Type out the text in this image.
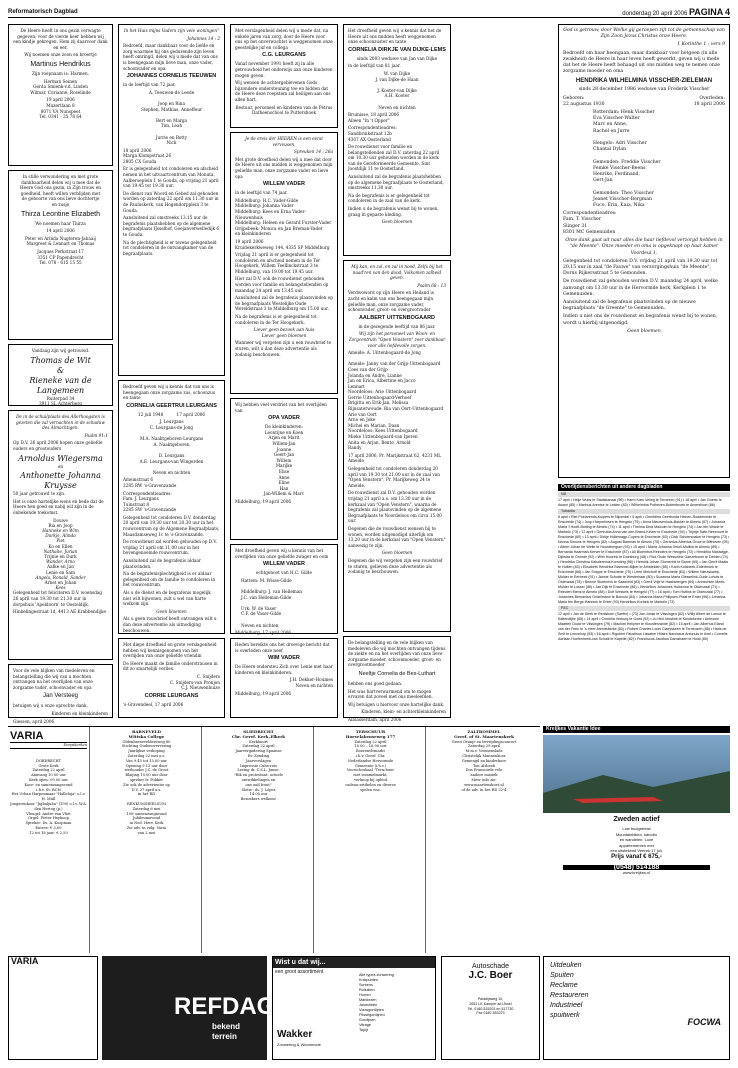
Reformatorisch Dagblad	donderdag 20 april 2006 PAGINA 4

De Heere heeft in ons gezin verwagte gegeven; voor de vierde keer hebben wij een kindje gekregen. Hem zij daarvoor dank en eer.

Wij noemen onze zoon en broertje

Martinus Hendrikus

Zijn roepnaam is: Harmen.

Herman Seinen
Gerda Smienk-v.d. Linden
Wilmar, Corianne, Roselinde

19 april 2006
Muzertlaan 8
8071 VA Nunspeet
Tel. 0341 - 25 78 64

In stille verwondering en met grote dankbaarheid delen wij u mee dat de Heere God ons gezin, in Zijn trouw en goedheid, heeft willen verblijden met de geboorte van ons lieve dochtertje en zusje

Thirza Leontine Elizabeth

We noemen haar Thirza

14 april 2006

Peter en Arinda Nugteren-Jabaaij
Margreet & Lennart en Thomas

Jacques Perkstraat 17
3351 CP Papendrecht
Tel. 078 - 615 15 55

Vandaag zijn wij getrouwd.

Thomas de Wit
&
Rieneke van de Langemeen

Ruiterpad 34
3911 SL Achterberg

De in de schuilplaats des Allerhoogsten is gezeten die zal vernachten in de schaduw des Almachtigen.

Psalm 91:1

Op D.V. 26 april 2006 hopen onze geliefde ouders en grootouders

Arnoldus Wiegersma

en

Anthonette Johanna Kruysse

50 jaar getrouwd te zijn.

Het is onze hartelijke wens en bede dat de Heere hen goed en nabij wil zijn in de onbekende toekomst.

Douwe
Ria en Joop
Hanneke en Wim
Durkje, Alinda
Piet
Ko en Ellen
Nathalie, Jurian
Trijnie en Durk
Wander, Arno
Aafke en Jan
Lenie en Sam
Angela, Ronald, Sander
Arnet en Johan
Kees

Gelegenheid tot feliciteren D.V. woensdag 26 april van 19.30 tot 21.30 uur in dorpshuis 'Apeldoorn' te Oosteldijk.

Hinkelingestraat 1d, 4413 AE Krabbendijke

Voor de vele blijken van medeleven en belangstelling die wij van u mochten ontvangen na het overlijden van onze zorgzame vader, schoonvader en opa

Jan Versteeg

betuigen wij u onze oprechte dank.

Kinderen en kleinkinderen

Giessen, april 2006

In het Huis mijns Vaders zijn vele woningen"

Johannes 14 : 2

Bedroefd, maar dankbaar voor de liefde en zorg waarmee hij ons gedurende zijn leven heeft omringd, delen wij u mede dat van ons is heengegaan mijn lieve man, onze vader, schoonvader en opa

JOHANNES CORNELIS TEEUWEN

in de leeftijd van 72 jaar.

A. Teeuwen-de Leede

Joop en Rina
Stephen, Mathias, Anneffeur

Bert en Marga
Tim, Leah

Jurrie en Betty
Nick

18 april 2006
Marga Klompstraat 26
2805 CX Gouda

Er is gelegenheid tot condoleren en afscheid nemen in het uitvaartcentrum van Monuta, Aalberseplein 1 te Gouda, op vrijdag 21 april van 19.45 tot 19.30 uur.

De dienst van Woord en Gebed zal gehouden worden op zaterdag 22 april om 11.30 uur in de Pauluskerk, van Hogendorpplein 3 te Gouda.

Aansluitend zal omstreeks 13.15 uur de begrafenis plaatshebben op de algemene begraafplaats IJsselhof, Goejanverwelledijk 6 te Gouda.

Na de plechtigheid is er tevens gelegenheid tot condoleren in de ontvangkamer van de begraafplaats.

Bedroefd geven wij u kennis dat van ons is heengegaan onze zorgzame zus, schoonzus en tante

CORNELIA GEERTRUI LEURGANS

12 juli 1948          17 april 2006

J. Leurgans
C. Leurgans-de Jong

M.A. Naaktgeboren-Leurgans
A. Naaktgeboren

D. Leurgans
A.E. Leurgans-van Wingerden

Neven en nichten

Ameinstraat 6
2285 RW 's-Gravenzande

Correspondentieadres:
Fam. J. Leurgans
Tuinstraat 8
2285 SW 's-Gravenzande

Gelegenheid tot condoleren D.V. donderdag 20 april van 19.30 uur tot 20.30 uur in het rouwcentrum op de Algemene Begraafplaats, Maasdamseweg 1c te 's-Gravenzande.

De rouwdienst zal worden gehouden op D.V. vrijdag 21 april om 11.00 uur in het bovengenoemde rouwcentrum.

Aansluitend zal de begrafenis aldaar plaatsvinden.

Na de begrafenisplechtigheid is er aldaar gelegenheid om de familie te condoleren in het rouwcentrum.

Als u de dienst en de begrafenis mogelijk niet wilt bijwonen, zult u wel van harte welkom zijn.

Geen bloemen

Als u geen rouwbrief heeft ontvangen wilt u dan deze advertentie als uitnodiging beschouwen.

Met diepe droefheid en grote verslagenheid hebben wij kennisgenomen van het overlijden van onze geliefde vriendin

De Heere maakt de familie onderstrausen in dit zo smartelijk verlies.

C. Snijders
C. Snijders-van Pronjon
C.J. Nieuwenhuize

CORRIE LEURGANS

's-Gravendeel, 17 april 2006

Met verslagenheid delen wij u mede dat, na enkele jaren van zorg, door de Heere voor ons op het onverwachtst is weggenomen onze geestelijke juf en collega

C.G. LEURGANS

Vanaf november 1991 heeft zij in alle getrouwheid het onderwijs aan onze kinderen mogen geven.

Wij wensen de achtergeblevenen Gods bijzondere ondersteuning toe en bidden dat de Heere deze roepstem zal heiligen aan ons allen hart.

Bestuur, personeel en kinderen van de Petrus Datheenschool te Puttershoek

Je de ereis der HEEREN is een eerst vervvusen,

Spreuken 14 : 26a

Met grote droefheid delen wij u mee dat door de Heere uit ons midden is weggenomen mijn geliefde man, onze zorgzame vader en lieve opa

WILLEM VADER

in de leeftijd van 74 jaar.

Middelburg: H.C. Vader-Gilde
Middelburg: Johanna Vader
Middelburg: Kees en Erna Vader-Nieuwenhuis
Middelburg: Heleen en Gerard Furster-Vader
Orijpsbeek: Monica en Jan Breman-Vader
en kleinkinderen

19 april 2006
Kruidekerkweweg 144, 4335 SP Middelburg

Vrijdag 21 april is er gelegenheid tot condoleren en afscheid nemen in de Ter Hoogekerk, Willem Teellinckstraat 3 te Middelburg, van 19.00 tot 19.45 uur.

Hier zal D.V. ook de rouwdienst gehouden worden voor familie en belangstellenden op maandag 24 april om 13.45 uur.

Aansluitend zal de begrafenis plaatsvinden op de begraafplaats Westelijke Oude Wereldstraat 3 te Middelburg om 15.00 uur.

Na de begrafenis is er gelegenheid tot condoleren in de Ter Hoogekerk.

Liever geen bezoek aan huis
Liever geen bloemen

Wanneer wij vergeten zijn u een rouwbrief te sturen, wilt u dan deze advertentie als zodanig beschouwen.

Wij hebben veel verdriet van het overlijden van

OPA VADER

De kleinkinderen:
Leontijne en Koen
Arjen en Marit
Willem-Jan
Joanne
Geert-Jan
Willem
Marijke
Elise
Anne
Eline
Han
Jan-Willem & Marc

Middelburg, 19 april 2006

Met droefheid geven wij u kennis van het overlijden van onze geliefde zwager en oom

WILLEM VADER

echtgenoot van H.C. Gilde

Hattem: M. Wisse-Gilde

Middelburg: J. van Helleman
J.C. van Helleman-Gilde

Urk: W. de Vaser
C.F. de Vaser-Gilde

Neven en nichten

Middelburg, 17 april 2006

Heden bereikte ons het droevige bericht dat is overleden onze neef

WIM VADER

De Heere ondersteu Zich over Lenie met haar kinderen en kleinkinderen.

J.H. Dekker-Houmes
Neven en nichten

Middelburg, 19 april 2006

Het droefheid geven wij u kennis dat het de Heere uit ons midden heeft weggenomen onze schoonzuster en tante

CORNELIA DIRKJE VAN DIJKE-LEMS

sinds 2003 weduwe van Jan van Dijke

in de leeftijd van 81 jaar.

W. van Dijke
J. van Dijke-de Haan

J. Kooter-van Dijke
A.H. Kooter

Neven en nichten

Bruinisse, 18 april 2006
Alleen "In 't Opper"

Correspondentieadres:
Sandbrinkstraat 12b
4307 AX Oosterland

De rouwdienst voor familie en belangstellenden zal D.V. zaterdag 22 april om 10.30 uur gehouden worden in de kerk van de Gereformeerde Gemeente, Sint Joostdijk 11 te Oosterland.

Aansluitend zal de begrafenis plaatshebben op de algemene begraafplaats te Oosterland, omstreeks 11.30 uur.

Na de begrafenis is er gelegenheid tot condoleren in de zaal van de kerk.

Indien u de begrafenis wenst bij te wonen, graag in gepaste kleding.

Geen bloemen

Mij kan, en zal, en zal in nood, Zelfs bij het naad'ren van den dood, Volkomen zalheid geven.

Psalm 68 : 13

Verdwoword op zijn Heere en Heiland is zacht en kalm van ons heengegaan mijn geliefde man, onze zorgzame vader, schoonvader, groot- en overgrootvader

AALBERT UITTENBOGAARD

in de gezegende leeftijd van 86 jaar.

Wij zijn het personeel van Woon- en Zorgcentrum "Open Venstern" zeer dankbaar voor alle liefdevolle zorgen.

Ameide: A. Uittenbogaard-de Jong

Ameide: Janny van der Grijp-Uittenbogaard
Cees van der Grijp
Jolanda en Andre, Lianne
Jan en Erica, Albertine en Jacco
Lennart
Noordeloos: Arie Uittenbogaard
Gerrie Uittenbogaard-Verhoef
Brigitta en Erik-Jan, Melissa
Rijnsaterwoude: Ria van Oort-Uittenbogaard
Arie van Oort
Arno en Joke
Michel en Marian, Daan
Noordeloos: Kees Uittenbogaard
Mieke Uittenbogaard-van Iperen
Anita en Arjan, Bente, Arnold
Randy

17 april 2006, Pr. Marijkstraat 62, 4231 ML Ameide

Gelegenheid tot condoleren donderdag 20 april van 19.30 tot 21.00 uur in de zaal van "Open Venstern", Pr. Marijkeweg 24 te Ameide.

De rouwdienst zal D.V. gehouden worden vrijdag 21 april a.s. om 13.30 uur in de kerkzaal van "Open Venstern", waarna de begrafenis zal plaatsvinden op de algemene Begraafplaats te Noordeloos om circa 15.00 uur.

Degenen die de rouwdienst wensen bij te wonen, worden uitgenodigd uiterlijk om 13.20 uur in de kerkzaal van "Open Venstern" aanwezig te zijn.

Geen bloemen

Degenen die wij vergeten zijn een rouwbrief te sturen, gelieven deze advertentie als zodanig te beschouwen.

De belangstelling en de vele blijken van medeleven die wij mochten ontvangen tijdens de ziekte en na het overlijden van onze lieve zorgzame moeder, schoonmoeder, groot- en overgrootmoeder

Neeltje Cornelia de Bes-Luthart

hebben ons goed gedaan.

Het was hartverwarmend om te mogen ervaren dat zoveel met ons meeleefden.

Wij betuigen u hiervoor onze hartelijke dank.

Kinderen, klein- en achterkleinkinderen

Alblasserdam, april 2006

God is getrouw, door Welke gij geroepen zijt tot de gemeenschap van Zijn Zoon Jezus Christus onze Heere.

1 Korinthe 1 : vers 9

Bedroefd om haar heengaan, maar dankbaar voor hetgeen (in alle zwakheid) de Heere in haar leven heeft gewerkt, geven wij u mede dat het de Heere heeft behaagd uit ons midden weg te nemen onze zorgzame moeder en oma

HENDRIKA WILHELMINA VISSCHER-ZIELEMAN

sinds 28 december 1986 weduwe van Frederik Visscher

Geboren:
22 augustus 1930
Overleden:
18 april 2006

Rotterdam: Henk Visscher
Eva Visscher-Walter
Marc en Anne,
Rachel en Jurre

Hengelo: Adri Visscher
Chantal Dylan

Gemonden: Freddie Visscher
Femke Visscher-Beens
Henrike, Ferdinand,
Gert-Jan

Gemonden: Theo Visscher
Jeanet Visscher-Bergman
Fuco, Erin, Kaia, Nika

Correspondentieadres:
Fam. T. Visscher
Slinger 31
8301 MC Gemenuiden

Onze dank gaat uit naar alles die haar liefdevol verzorgd hebben in "de Meente". Onze moeder en oma is opgeknapt op haar kamer Voordeul 1.

Gelegenheid tot condoleren D.V. vrijdag 21 april van 19.30 uur tot 20.15 uur in zaal "de Fauwe" van verzorgingshuis "de Meente", Dorus Rijkersstraat 5 te Gemonden.

De rouwdienst zal gehouden worden D.V. maandag 24 april, welke aanvangt om 13.30 uur in de Hervormde kerk, Kerkplein 1 te Gemenuiden.

Aansluitend zal de begrafenis plaatsvinden op de nieuwe begraafplaats "de Greente" te Gemenuiden.

Indien u niet ons de rouwdienst en begrafenis wenst bij te wonen, wordt u hierbij uitgenodigd.

Geen bloemen

Overlijdensberichten uit andere dagbladen
ND
17 april • Helje Wubs te Stadskanaal (96) • Harm Kars Velleg te Ternezen (91) • 18 april • Jan Goerts te Assen (85) • Marinus Arentse te Leiden (83) • Wilhelmina Potheven-Bokenbroek te Amersfoort (86)
Tubantia
6 april • Riet Poelarends-Kuipers te Nijverdal • 9 april • Gerritdina Geertruida Heinen-Roddenman te Enschede (74) • Joop Harperlinsen te Hengelo (75) • Anna Nieuwenhuis-Bakker te Almelo (87) • Johanna Maria 't Hooft-Botting te Almelo (74) • 11 april • Thelma Dina Malcolm te Hengelo (74) • Jan ten Wolde te Markelo (73) • 12 april • Gertruida Anna van den Brand-Kelzer te Enschede (94) • Trijntje Safe-Neervoort te Enschede (80) • 13 april • Dirkje Hollemagp-Cuyers te Enschede (93) • Dick Schoenmaker te Hengelo (73) • Nonna Simons te Hengelo (82) • August Bartman te Almelo (75) • Gerardus Albertus Groot te Blithoven (95) • Albert Johan ter Welle te Noordbergum (93) • 15 april • Maria Johanna Smoll-Mullink te Almelo (89) • Bernarda Haarman-Kerver te Enschede (87) • Ali Bloembot-Reinders te Hengelo (72) • Hendrika Mastwijge-Dijkstra te Gronde (92) • Wim Hoorink te Doesburg (48) • Rick Oude Wesselink Ganzeboom te Delden (74) • Hendrika Christina Kalsderema-Kornding (96) • Hendrik Johan Slomerink te Borne (69) • Jan Gerrit Maats te Holten (83) • Elisabeth Hendrika Stammel-Bijker te Ambtelden (85) • Karin Kolsbeek-Elderbroek te Enschede (66) • Jan Snippe te Enschede (75) • Leen Melchoff te Enschede (63) • Willem Nieuwkamp-Mulder te Eerbeek (91) • Jannie Schutte te Westerhaar (80) • Suzanna Maria Giesselink-Oude Lohuis te Oldenzaal (78) • Bennie Stoelerink te Saasveld (83) • Gerrit Vrije te Haaksbergen (64) • Annechien Meek-Mulder te Losser (86) • Jan Dijk te Enschede (86) • Hendrikus Johannes Hulsenna te Oldenzaal (71) • Reindert Mens te Almelo (88) • Dolf Wessels te Hengelo (77) • 16 april • Tom Huttink te Oldenzaal (77) • Johannes Bernardus Ondelmann te Borculo (84) • Johanna Maria Philipsen-Plaat te Enter (96) • Johanna Maria ten Berge-Hannink te Enter (93) Hendrikus Korbink te Markelo (73)
PZC
12 april • Jan de Kierk te Renisborn (Sanfer) • (73) Jan Jobse te Vlissingen (62) • Willy Albert de Loeuw te Kattendijke (65) • 14 april • Cornelia Verburg te Goes (92) • Jo Heli-Verstink te Koudekerke • Anthonie Maarten Douw te Vlissingen (79) • Machiel Hellyner te Kloosterzande (82) • 15 april • Jan Albertus Eland van der Feen te 's-Heer Arendskerke (83) • Robert Charles Louis Claeysseen te Terneuzen (86) • Haris de Smit te Leuvelorp (93) • 16 april • Rigobert Faustinus Lissaber Hilaire Narcissus Antonuis te Axel • Cornelis Adriaan Hoefenheek-van Schalk te Kapelle (82) • Franciscus Jacobus Damshaert te Hulst (80)
VARIA
Dorpskerken
DORDRECHT
Grote Kerk
Zaterdag 22 april
Aanvang 10.00 uur
Kerk open: 09.00 uur
Koor- en samenzangavond
i.h.v. St. BCH
Het Urban Harpenmaar "Halleluja" o.l.v. H. Mull
Jongerenkoor "Jigbaljuba" (190) o.l.v. W.A. den Hertog (p.)
Vleugel: Andre van Vliet
Orgel: Pieter Heykoop
Spreker: Ds. A. Koopman
Entree: € 5,00
12 tot 18 jaar: € 2,50
BARNEVELD
Wittska College
Oldenbarneveldersweg 80
Stichting Oudenoververing
Jaarlijkse verkoping
Zaterdag 22 mei a.s.
Van 9.45 tot 15.00 uur
Opening 9.15 uur door
wethouder J.C. de Groot
Blaijing 15.00 uur door
spreker Ir. Fokker
Zie ook de advertentie op
D.V. 27 april a.s.
in het RD

RENKUM/HEELSUM
Zaterdag 6 mei
100' samenzangavond
Jubileumavond
in Ned. Herv. Kerk
Zie adv. in volg. Varia
van 2 mei
SLIEDRECHT
Chr. Geref. Kerk–Elkerk
Kerkhuurt
Zaterdag 22 april
Jaarvergadering Spaanse
Ev. Zending
Jaarverslagen
Impressie Cuba-reis
Lezing dr. C.S.L. Janse:
"Rik en protestant: actuele
ontwikkelingen en
ons oud front"
Slotw.: ds. J. López
14.00 uur
Bezoekers welkom!
TERSCHUUR
Hoevelakenseweg 177
Zaterdag 22 april
10.00 – 16.00 uur
Boerenvlrmarkt
i.h.v. Geref. Chr.
Nederlandse Hervormde
Gemeente (i.h.v.)
Voorschrokaal "Terschuur
met rommelmarkt,
verkoop bij opbod
cadeau-artikelen en diverse
spelen enz.
ZALTBOMMEL
Geref. of St. Maartenskerk
Groot Oranje en bevrijdingsconcert
Zaterdag 29 april
M.m.v. Vremenslads
Christelijk Mannenkoor
Gemengd en kinderkoor
Ton Alsbeek
Dus Fransoirde vele
andere muziek
Meer info zie:
www.maartenskoet.nl
of de adv. in het RD 22-4
Kreijkes Vakantie Idee
Zweden actief
Low budgetreist
Mountainbiken, kanoën
en wandelen. Luxe
appartementen met
een uitstekend Vertrek 17 juli.
Prijs vanaf € 675,-
(0548) 514188
www.kreijkes.nl
VARIA
REFDAG.NL
bekend terrein
Wist u dat wij...
een groot assortiment	Alle types zonwering
Knikpunten
Screens
Rolluiken
Horren
Markiezen
Jaloezieën
Vouwgordijnen
Plisségordijnen
Gordijnen
Vitrage
Tapijt
Wakker
Zonwering & Woonmode
Autoschade
J.C. Boer
Paradijsweg 10,
2651 LE Kamper ad IJssel
Tel. 0180-515203 en 517730
Fax 0180-553223
Uitdeuken
Spuiten
Reclame
Restaureren
Industrieel
spuitwerk
FOCWA
